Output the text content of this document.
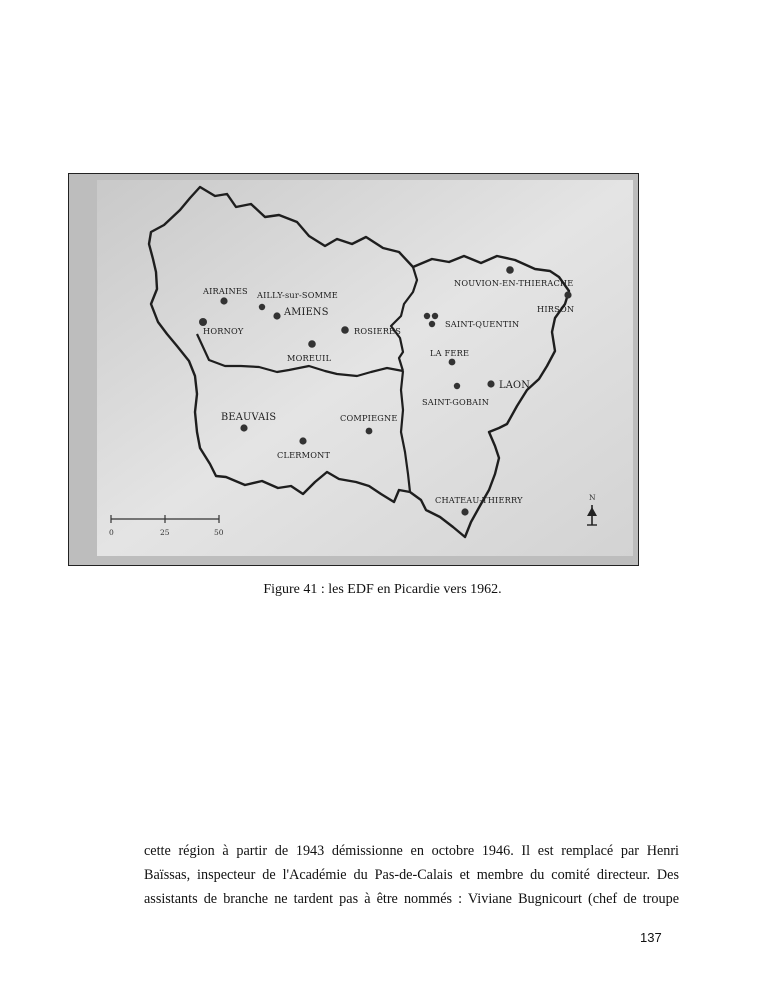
AIRAINES AILLY-sur-SOMME
AMIENS
HORNOY	ROSIERES
MOREUIL
BEAUVAIS	COMPIEGNE
CLERMONT
NOUVION-EN-THIERACHE
HIRSON
SAINT-QUENTIN
LA FERE
LAON
SAINT-GOBAIN
CHATEAU-THIERRY
0	25	50
N
Figure 41 : les EDF en Picardie vers 1962.
cette région à partir de 1943 démissionne en octobre 1946. Il est remplacé par Henri
Baïssas, inspecteur de l'Académie du Pas-de-Calais et membre du comité directeur. Des
assistants de branche ne tardent pas à être nommés : Viviane Bugnicourt (chef de troupe
137
